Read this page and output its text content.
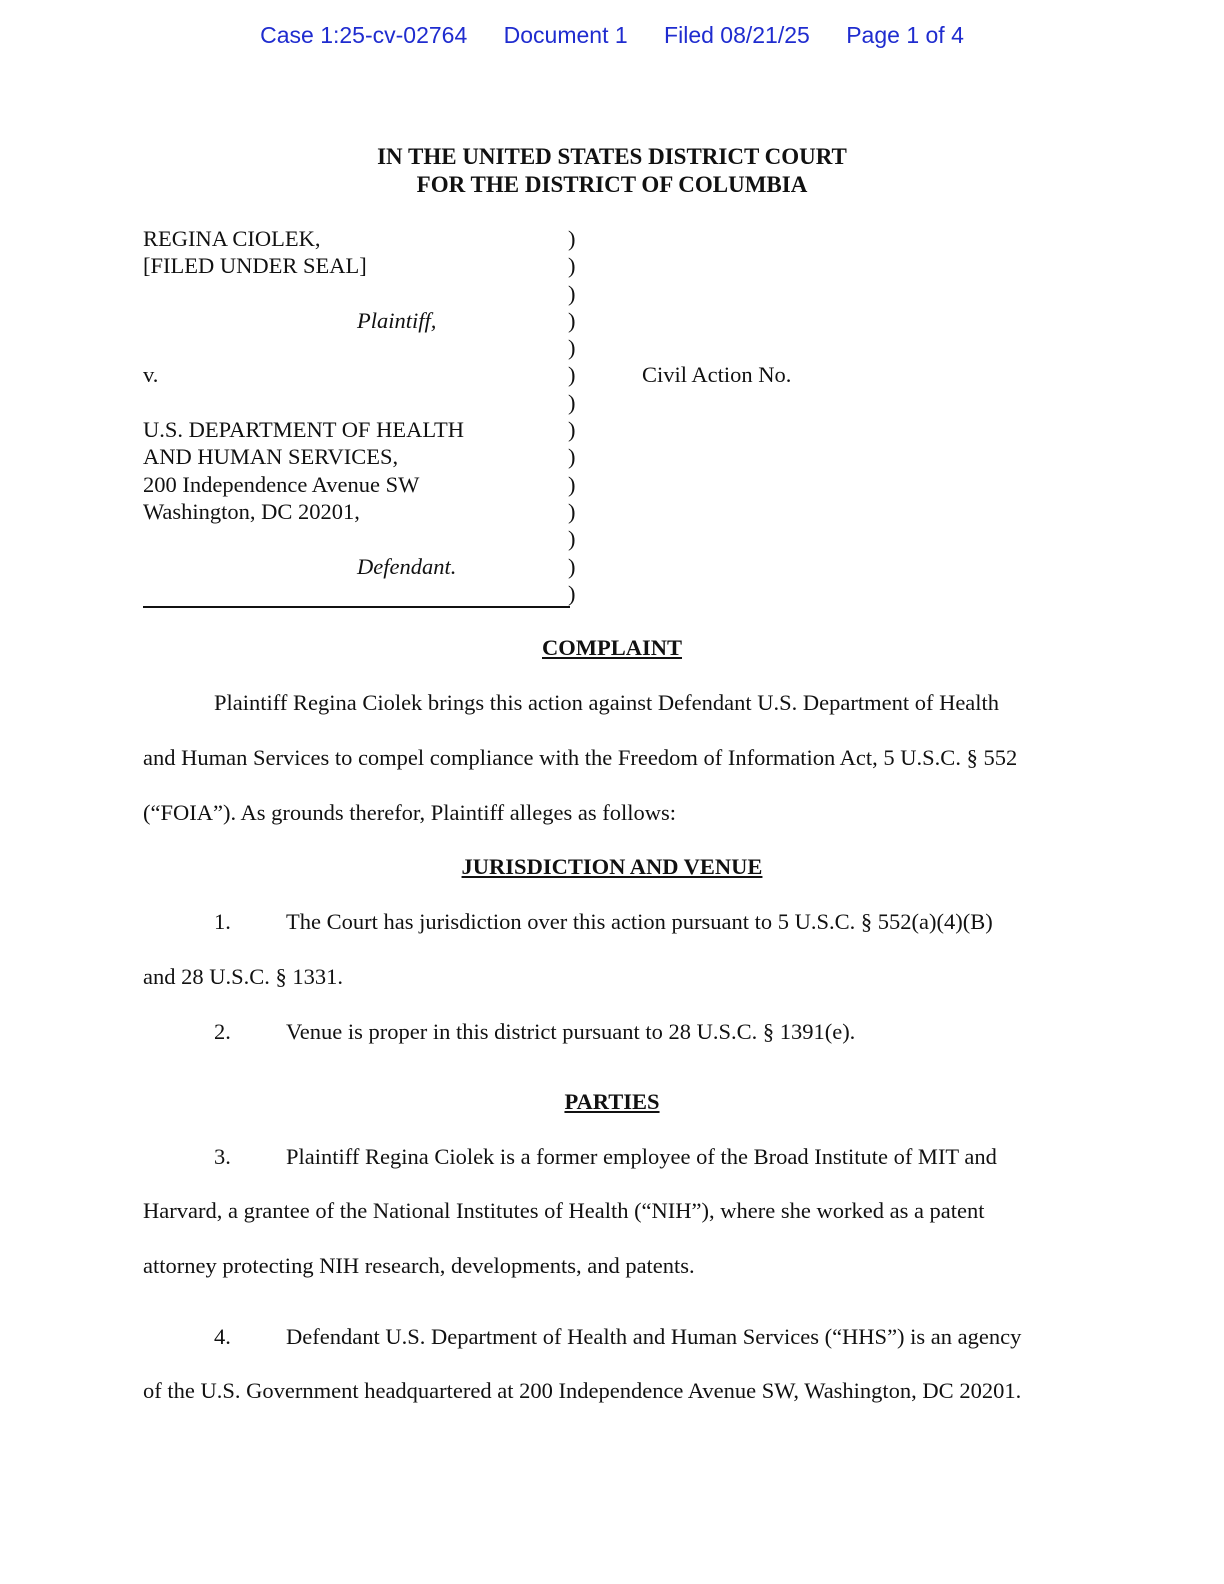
Case 1:25-cv-02764 Document 1 Filed 08/21/25 Page 1 of 4
IN THE UNITED STATES DISTRICT COURT
FOR THE DISTRICT OF COLUMBIA
REGINA CIOLEK,
[FILED UNDER SEAL]
Plaintiff,
v.
U.S. DEPARTMENT OF HEALTH
AND HUMAN SERVICES,
200 Independence Avenue SW
Washington, DC 20201,
Defendant.
)
)
)
)
)
)
)
)
)
)
)
)
)
)
Civil Action No.
COMPLAINT
Plaintiff Regina Ciolek brings this action against Defendant U.S. Department of Health
and Human Services to compel compliance with the Freedom of Information Act, 5 U.S.C. § 552
(“FOIA”). As grounds therefor, Plaintiff alleges as follows:
JURISDICTION AND VENUE
1. The Court has jurisdiction over this action pursuant to 5 U.S.C. § 552(a)(4)(B)
and 28 U.S.C. § 1331.
2. Venue is proper in this district pursuant to 28 U.S.C. § 1391(e).
PARTIES
3. Plaintiff Regina Ciolek is a former employee of the Broad Institute of MIT and
Harvard, a grantee of the National Institutes of Health (“NIH”), where she worked as a patent
attorney protecting NIH research, developments, and patents.
4. Defendant U.S. Department of Health and Human Services (“HHS”) is an agency
of the U.S. Government headquartered at 200 Independence Avenue SW, Washington, DC 20201.
